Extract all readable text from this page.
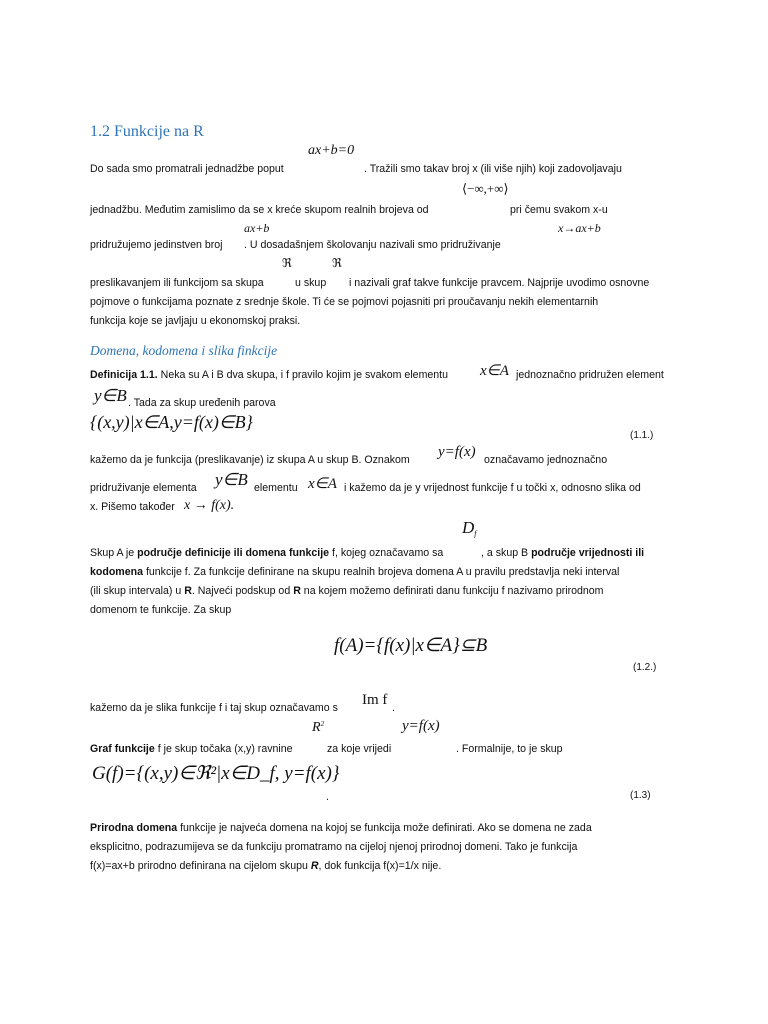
1.2 Funkcije na R
ax+b=0
Do sada smo promatrali jednadžbe poput	. Tražili smo takav broj x (ili više njih) koji zadovoljavaju
⟨−∞,+∞⟩
jednadžbu. Međutim zamislimo da se x kreće skupom realnih brojeva od	pri čemu svakom x-u
ax+b	x→ax+b
pridružujemo jedinstven broj . U dosadašnjem školovanju nazivali smo pridruživanje
ℜ	ℜ
preslikavanjem ili funkcijom sa skupa	u skup i nazivali graf takve funkcije pravcem. Najprije uvodimo osnovne
pojmove o funkcijama poznate z srednje škole. Ti će se pojmovi pojasniti pri proučavanju nekih elementarnih
funkcija koje se javljaju u ekonomskoj praksi.
Domena, kodomena i slika finkcije
Definicija 1.1. Neka su A i B dva skupa, i f pravilo kojim je svakom elementu x∈A jednoznačno pridružen element
y∈B . Tada za skup uređenih parova
{(x,y)|x∈A,y=f(x)∈B}
(1.1.)
kažemo da je funkcija (preslikavanje) iz skupa A u skup B. Oznakom y=f(x) označavamo jednoznačno
pridruživanje elementa y∈B elementu x∈A i kažemo da je y vrijednost funkcije f u točki x, odnosno slika od
x. Pišemo također x → f(x).
$D_f$
Skup A je područje definicije ili domena funkcije f, kojeg označavamo sa	, a skup B područje vrijednosti ili
kodomena funkcije f. Za funkcije definirane na skupu realnih brojeva domena A u pravilu predstavlja neki interval
(ili skup intervala) u R. Najveći podskup od R na kojem možemo definirati danu funkciju f nazivamo prirodnom
domenom te funkcije. Za skup
f(A)={f(x)|x∈A}⊆B
(1.2.)
kažemo da je slika funkcije f i taj skup označavamo s Im f .
$R^2$	y=f(x)
Graf funkcije f je skup točaka (x,y) ravnine	za koje vrijedi	. Formalnije, to je skup
G(f)={(x,y)∈ℜ²|x∈D_f, y=f(x)}
.	(1.3)
Prirodna domena funkcije je najveća domena na kojoj se funkcija može definirati. Ako se domena ne zada
eksplicitno, podrazumijeva se da funkciju promatramo na cijeloj njenoj prirodnoj domeni. Tako je funkcija
f(x)=ax+b prirodno definirana na cijelom skupu R, dok funkcija f(x)=1/x nije.
